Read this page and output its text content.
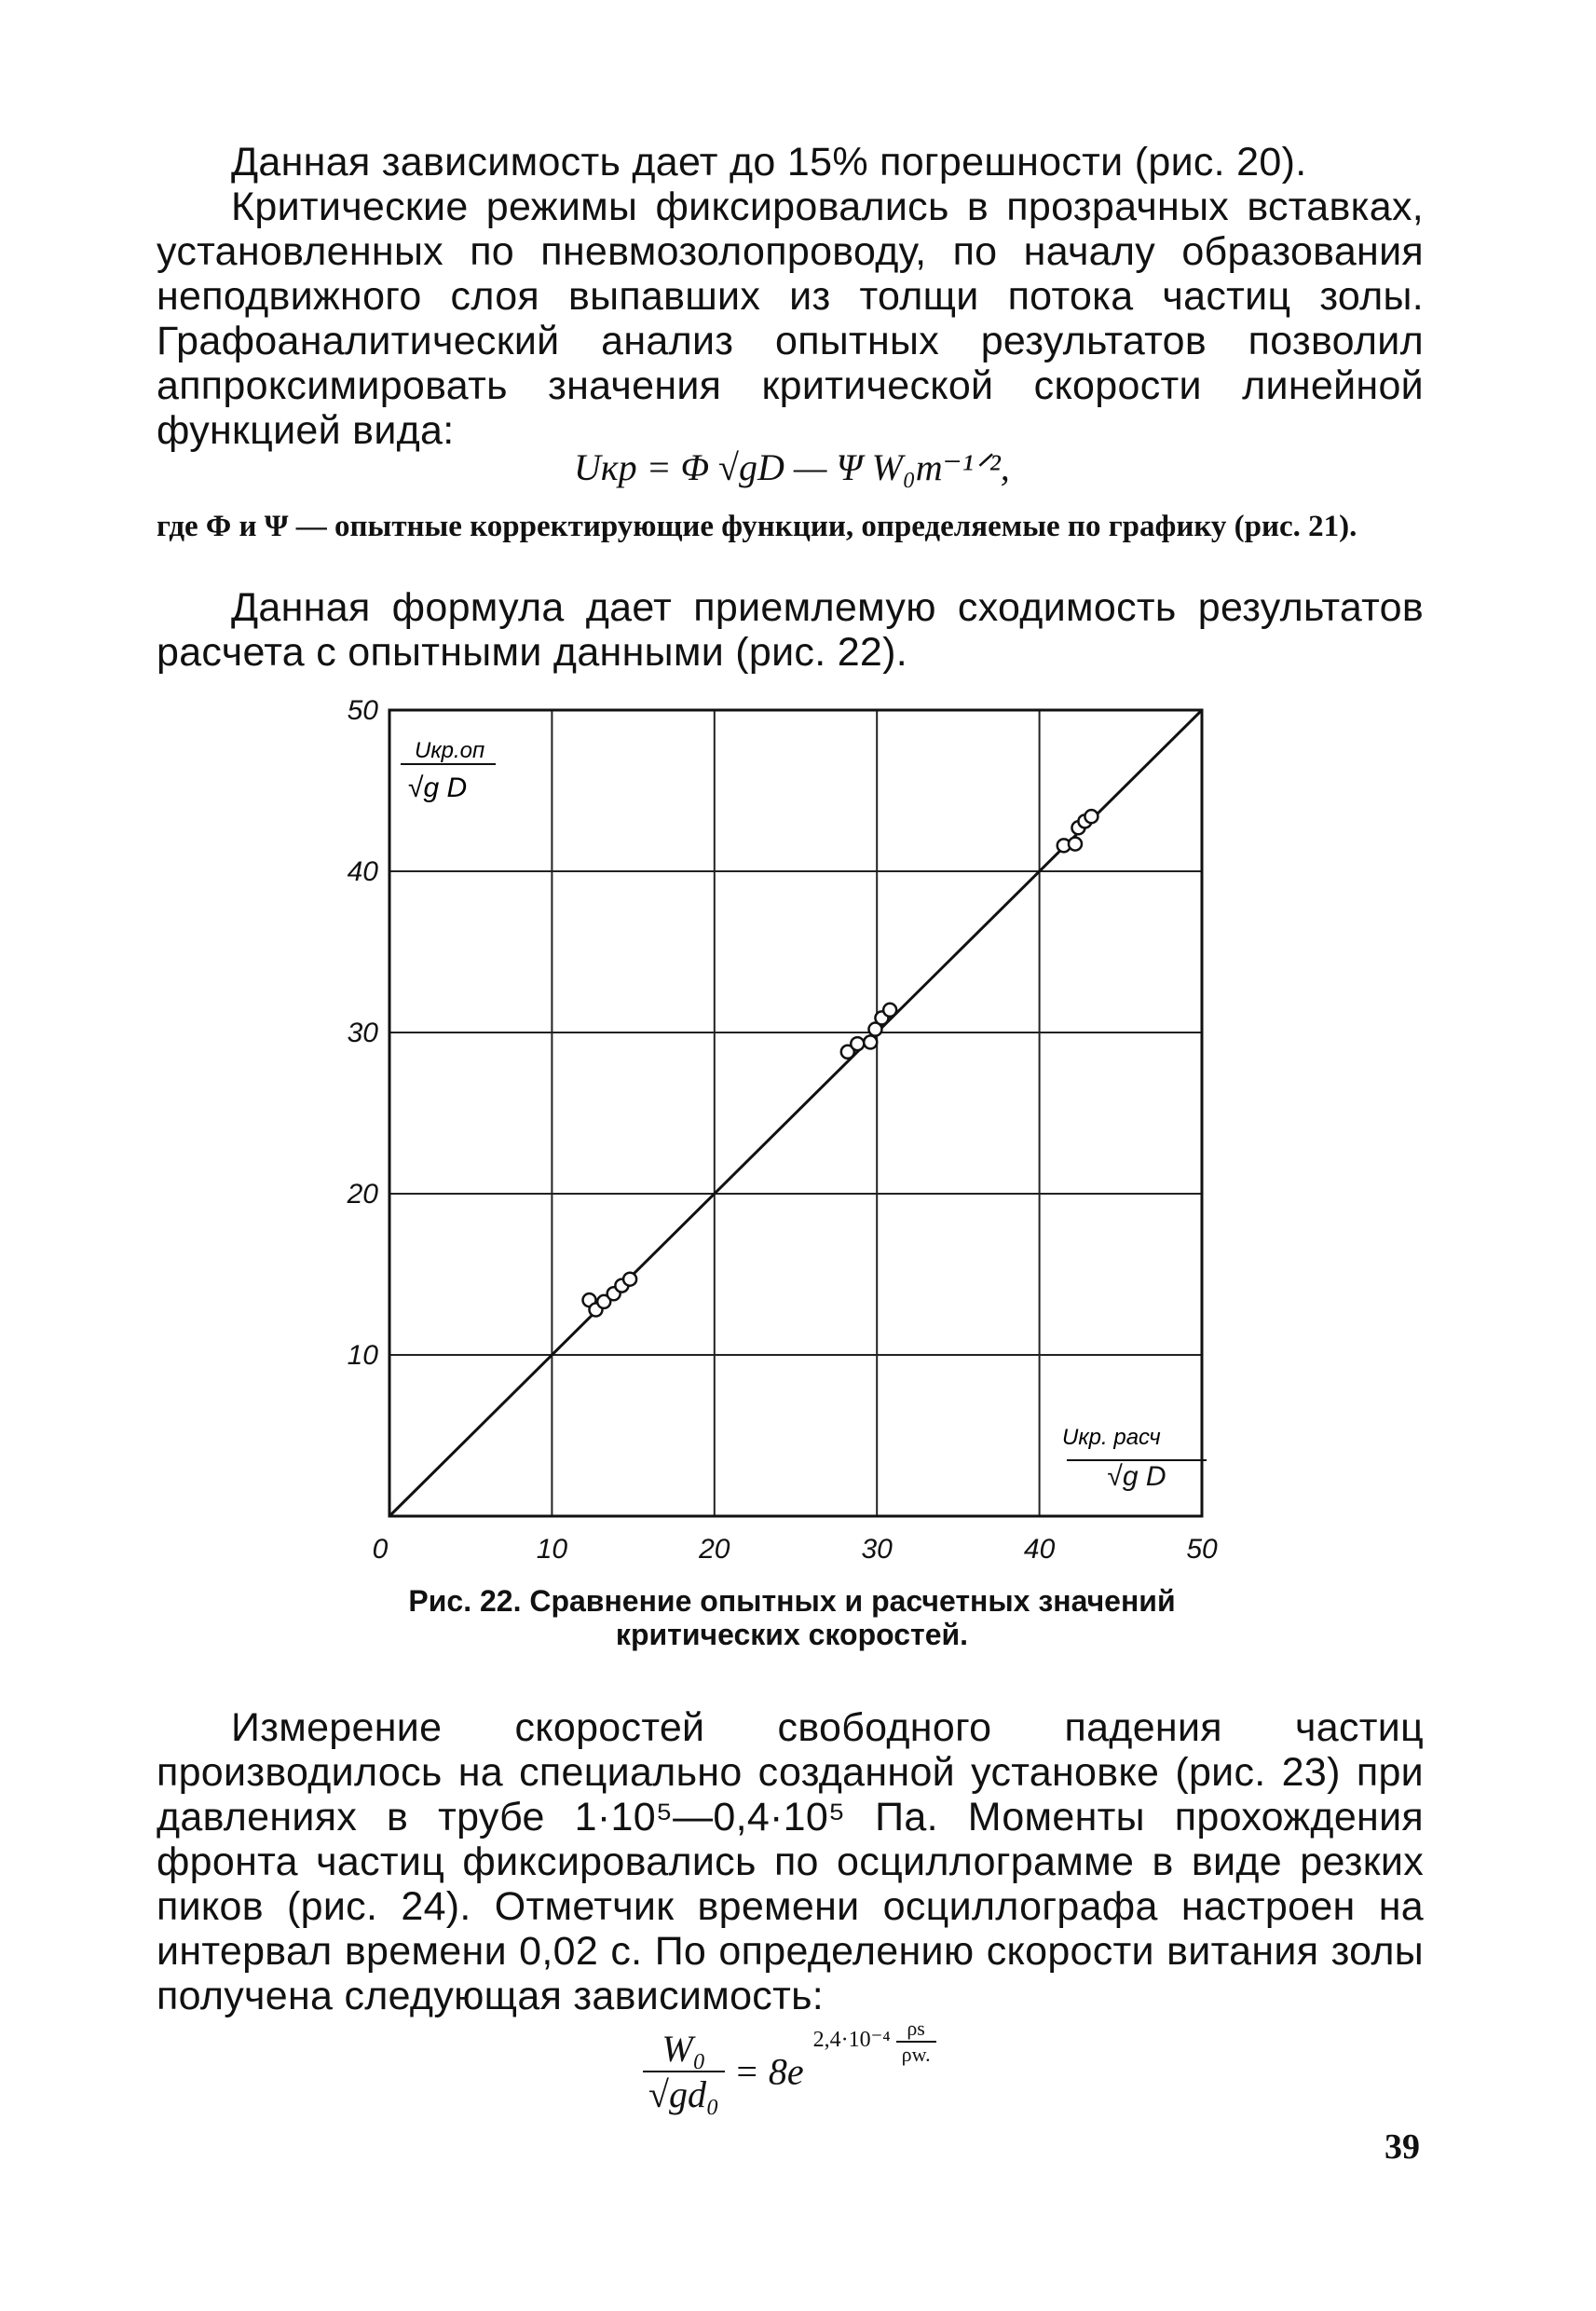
Данная зависимость дает до 15% погрешности (рис. 20).
Критические режимы фиксировались в прозрачных вставках, установленных по пневмозолопроводу, по началу образования неподвижного слоя выпавших из толщи потока частиц золы. Графоаналитический анализ опытных результатов позволил аппроксимировать значения критической скорости линейной функцией вида:
Uкр = Φ √gD — Ψ W₀m⁻¹ᐟ²,
где Φ и Ψ — опытные корректирующие функции, определяемые по графику (рис. 21).
Данная формула дает приемлемую сходимость результатов расчета с опытными данными (рис. 22).
0	10	20	30	40	50
10
20
30
40
50
Uкр.оп
√g D
Uкр. расч
√g D
Рис. 22. Сравнение опытных и расчетных значений
критических скоростей.
Измерение скоростей свободного падения частиц производилось на специально созданной установке (рис. 23) при давлениях в трубе 1·10⁵—0,4·10⁵ Па. Моменты прохождения фронта частиц фиксировались по осциллограмме в виде резких пиков (рис. 24). Отметчик времени осциллографа настроен на интервал времени 0,02 с. По определению скорости витания золы получена следующая зависимость:
$\frac{\text{W₀}}{\text{√gd₀}} = 8e$ $^{2,4\cdot 10^{-4} \frac{\rho s}{\rho w.}}$
39
